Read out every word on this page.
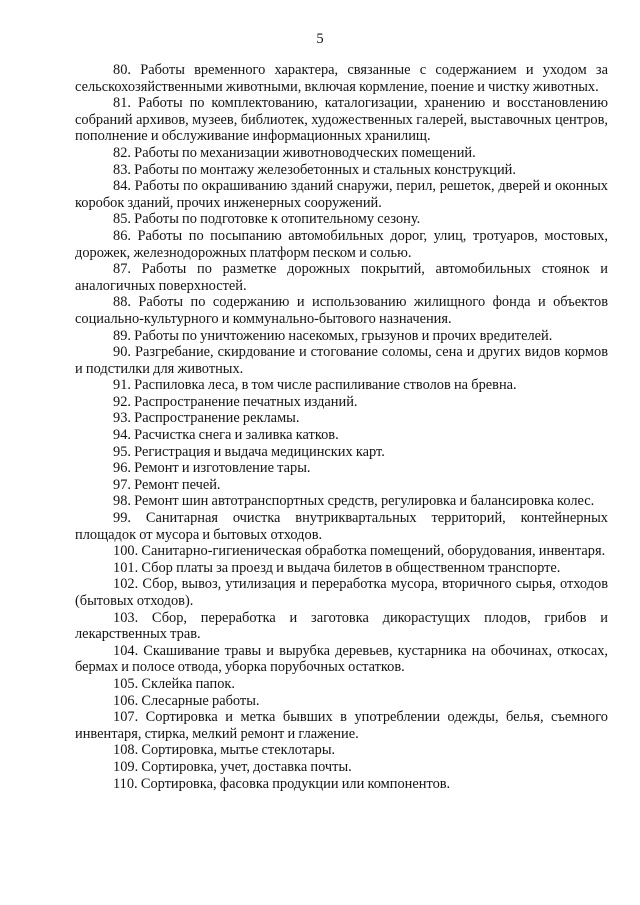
5

80. Работы временного характера, связанные с содержанием и уходом за сельскохозяйственными животными, включая кормление, поение и чистку животных.

81. Работы по комплектованию, каталогизации, хранению и восстановлению собраний архивов, музеев, библиотек, художественных галерей, выставочных центров, пополнение и обслуживание информационных хранилищ.

82. Работы по механизации животноводческих помещений.

83. Работы по монтажу железобетонных и стальных конструкций.

84. Работы по окрашиванию зданий снаружи, перил, решеток, дверей и оконных коробок зданий, прочих инженерных сооружений.

85. Работы по подготовке к отопительному сезону.

86. Работы по посыпанию автомобильных дорог, улиц, тротуаров, мостовых, дорожек, железнодорожных платформ песком и солью.

87. Работы по разметке дорожных покрытий, автомобильных стоянок и аналогичных поверхностей.

88. Работы по содержанию и использованию жилищного фонда и объектов социально-культурного и коммунально-бытового назначения.

89. Работы по уничтожению насекомых, грызунов и прочих вредителей.

90. Разгребание, скирдование и стогование соломы, сена и других видов кормов и подстилки для животных.

91. Распиловка леса, в том числе распиливание стволов на бревна.

92. Распространение печатных изданий.

93. Распространение рекламы.

94. Расчистка снега и заливка катков.

95. Регистрация и выдача медицинских карт.

96. Ремонт и изготовление тары.

97. Ремонт печей.

98. Ремонт шин автотранспортных средств, регулировка и балансировка колес.

99. Санитарная очистка внутриквартальных территорий, контейнерных площадок от мусора и бытовых отходов.

100. Санитарно-гигиеническая обработка помещений, оборудования, инвентаря.

101. Сбор платы за проезд и выдача билетов в общественном транспорте.

102. Сбор, вывоз, утилизация и переработка мусора, вторичного сырья, отходов (бытовых отходов).

103. Сбор, переработка и заготовка дикорастущих плодов, грибов и лекарственных трав.

104. Скашивание травы и вырубка деревьев, кустарника на обочинах, откосах, бермах и полосе отвода, уборка порубочных остатков.

105. Склейка папок.

106. Слесарные работы.

107. Сортировка и метка бывших в употреблении одежды, белья, съемного инвентаря, стирка, мелкий ремонт и глажение.

108. Сортировка, мытье стеклотары.

109. Сортировка, учет, доставка почты.

110. Сортировка, фасовка продукции или компонентов.
